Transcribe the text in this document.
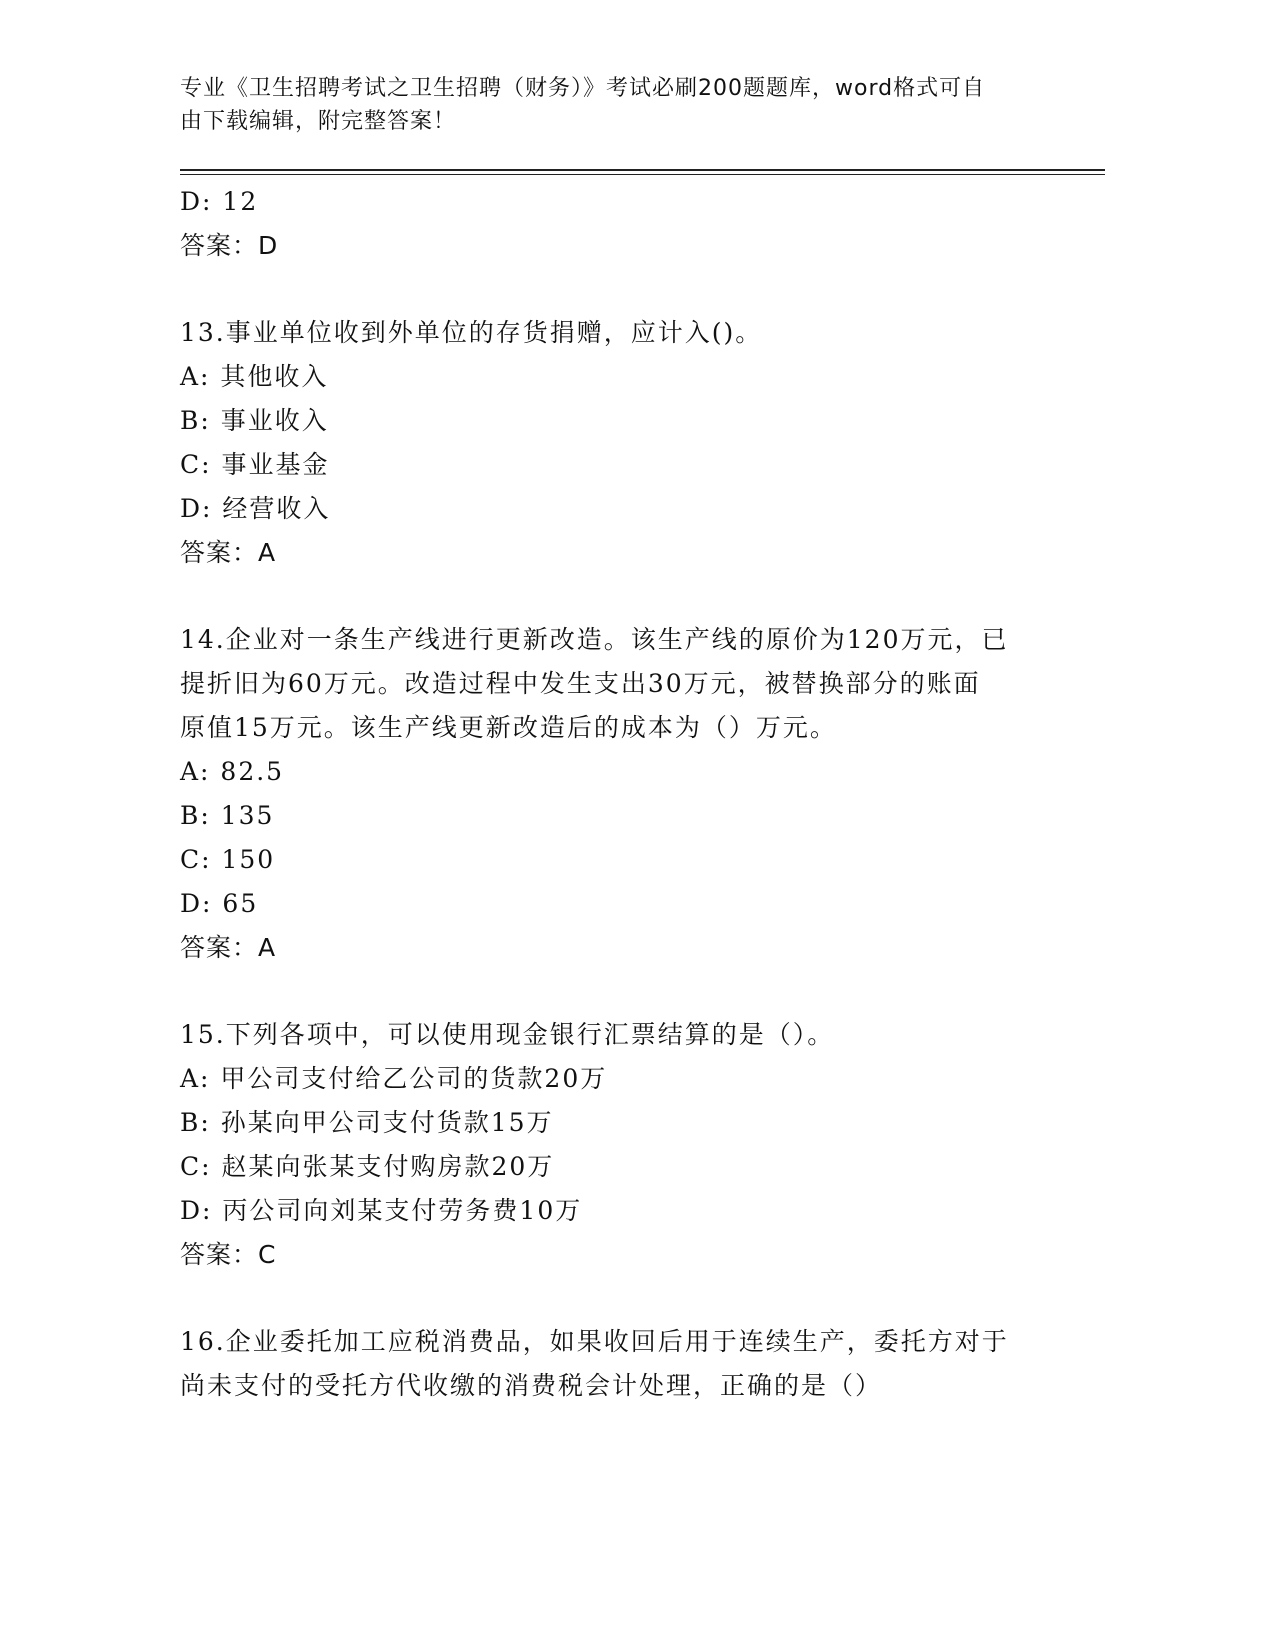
专业《卫生招聘考试之卫生招聘（财务）》考试必刷200题题库，word格式可自
由下载编辑，附完整答案！
D: 12
答案：D
13.事业单位收到外单位的存货捐赠，应计入()。
A: 其他收入
B: 事业收入
C: 事业基金
D: 经营收入
答案：A
14.企业对一条生产线进行更新改造。该生产线的原价为120万元，已
提折旧为60万元。改造过程中发生支出30万元，被替换部分的账面
原值15万元。该生产线更新改造后的成本为（）万元。
A: 82.5
B: 135
C: 150
D: 65
答案：A
15.下列各项中，可以使用现金银行汇票结算的是（）。
A: 甲公司支付给乙公司的货款20万
B: 孙某向甲公司支付货款15万
C: 赵某向张某支付购房款20万
D: 丙公司向刘某支付劳务费10万
答案：C
16.企业委托加工应税消费品，如果收回后用于连续生产，委托方对于
尚未支付的受托方代收缴的消费税会计处理，正确的是（）
